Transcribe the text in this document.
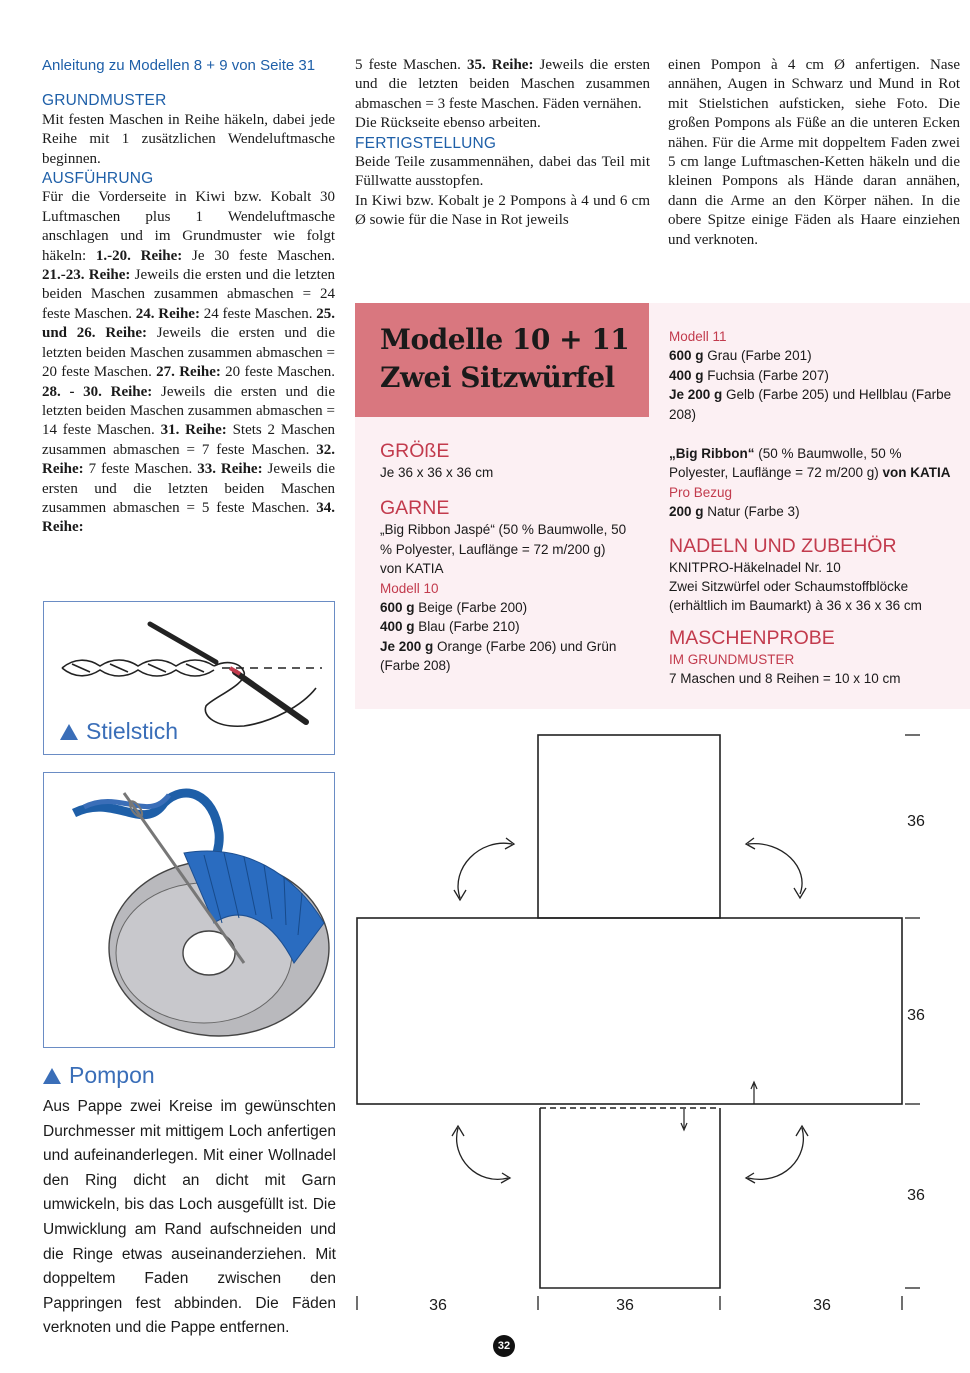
Anleitung zu Modellen 8 + 9 von Seite 31

GRUNDMUSTER

Mit festen Maschen in Reihe häkeln, dabei jede Reihe mit 1 zusätzlichen Wendeluftmasche beginnen.

AUSFÜHRUNG

Für die Vorderseite in Kiwi bzw. Kobalt 30 Luftmaschen plus 1 Wendeluftmasche anschlagen und im Grundmuster wie folgt häkeln: 1.-20. Reihe: Je 30 feste Maschen. 21.-23. Reihe: Jeweils die ersten und die letzten beiden Maschen zusammen abmaschen = 24 feste Maschen. 24. Reihe: 24 feste Maschen. 25. und 26. Reihe: Jeweils die ersten und die letzten beiden Maschen zusammen abmaschen = 20 feste Maschen. 27. Reihe: 20 feste Maschen. 28. - 30. Reihe: Jeweils die ersten und die letzten beiden Maschen zusammen abmaschen = 14 feste Maschen. 31. Reihe: Stets 2 Maschen zusammen abmaschen = 7 feste Maschen. 32. Reihe: 7 feste Maschen. 33. Reihe: Jeweils die ersten und die letzten beiden Maschen zusammen abmaschen = 5 feste Maschen. 34. Reihe:

5 feste Maschen. 35. Reihe: Jeweils die ersten und die letzten beiden Maschen zusammen abmaschen = 3 feste Maschen. Fäden vernähen.

Die Rückseite ebenso arbeiten.

FERTIGSTELLUNG

Beide Teile zusammennähen, dabei das Teil mit Füllwatte ausstopfen.

In Kiwi bzw. Kobalt je 2 Pompons à 4 und 6 cm Ø sowie für die Nase in Rot jeweils

einen Pompon à 4 cm Ø anfertigen. Nase annähen, Augen in Schwarz und Mund in Rot mit Stielstichen aufsticken, siehe Foto. Die großen Pompons als Füße an die unteren Ecken nähen. Für die Arme mit doppeltem Faden zwei 5 cm lange Luftmaschen-Ketten häkeln und die kleinen Pompons als Hände daran annähen, dann die Arme an den Körper nähen. In die obere Spitze einige Fäden als Haare einziehen und verknoten.

Stielstich
Pompon
Aus Pappe zwei Kreise im gewünschten Durchmesser mit mittigem Loch anfertigen und aufeinanderlegen. Mit einer Wollnadel den Ring dicht an dicht mit Garn umwickeln, bis das Loch ausgefüllt ist. Die Umwicklung am Rand aufschneiden und die Ringe etwas auseinanderziehen. Mit doppeltem Faden zwischen den Pappringen fest abbinden. Die Fäden verknoten und die Pappe entfernen.
Modelle 10 + 11
Zwei Sitzwürfel

GRÖßE

Je 36 x 36 x 36 cm

GARNE

„Big Ribbon Jaspé“ (50 % Baumwolle, 50 % Polyester, Lauflänge = 72 m/200 g)

von KATIA

Modell 10

600 g Beige (Farbe 200)

400 g Blau (Farbe 210)

Je 200 g Orange (Farbe 206) und Grün (Farbe 208)

Modell 11

600 g Grau (Farbe 201)

400 g Fuchsia (Farbe 207)

Je 200 g Gelb (Farbe 205) und Hellblau (Farbe 208)

„Big Ribbon“ (50 % Baumwolle, 50 % Polyester, Lauflänge = 72 m/200 g) von KATIA

Pro Bezug

200 g Natur (Farbe 3)

NADELN UND ZUBEHÖR

KNITPRO-Häkelnadel Nr. 10

Zwei Sitzwürfel oder Schaumstoffblöcke (erhältlich im Baumarkt) à 36 x 36 x 36 cm

MASCHENPROBE

IM GRUNDMUSTER

7 Maschen und 8 Reihen = 10 x 10 cm

36
36
36
36	36	36
32
